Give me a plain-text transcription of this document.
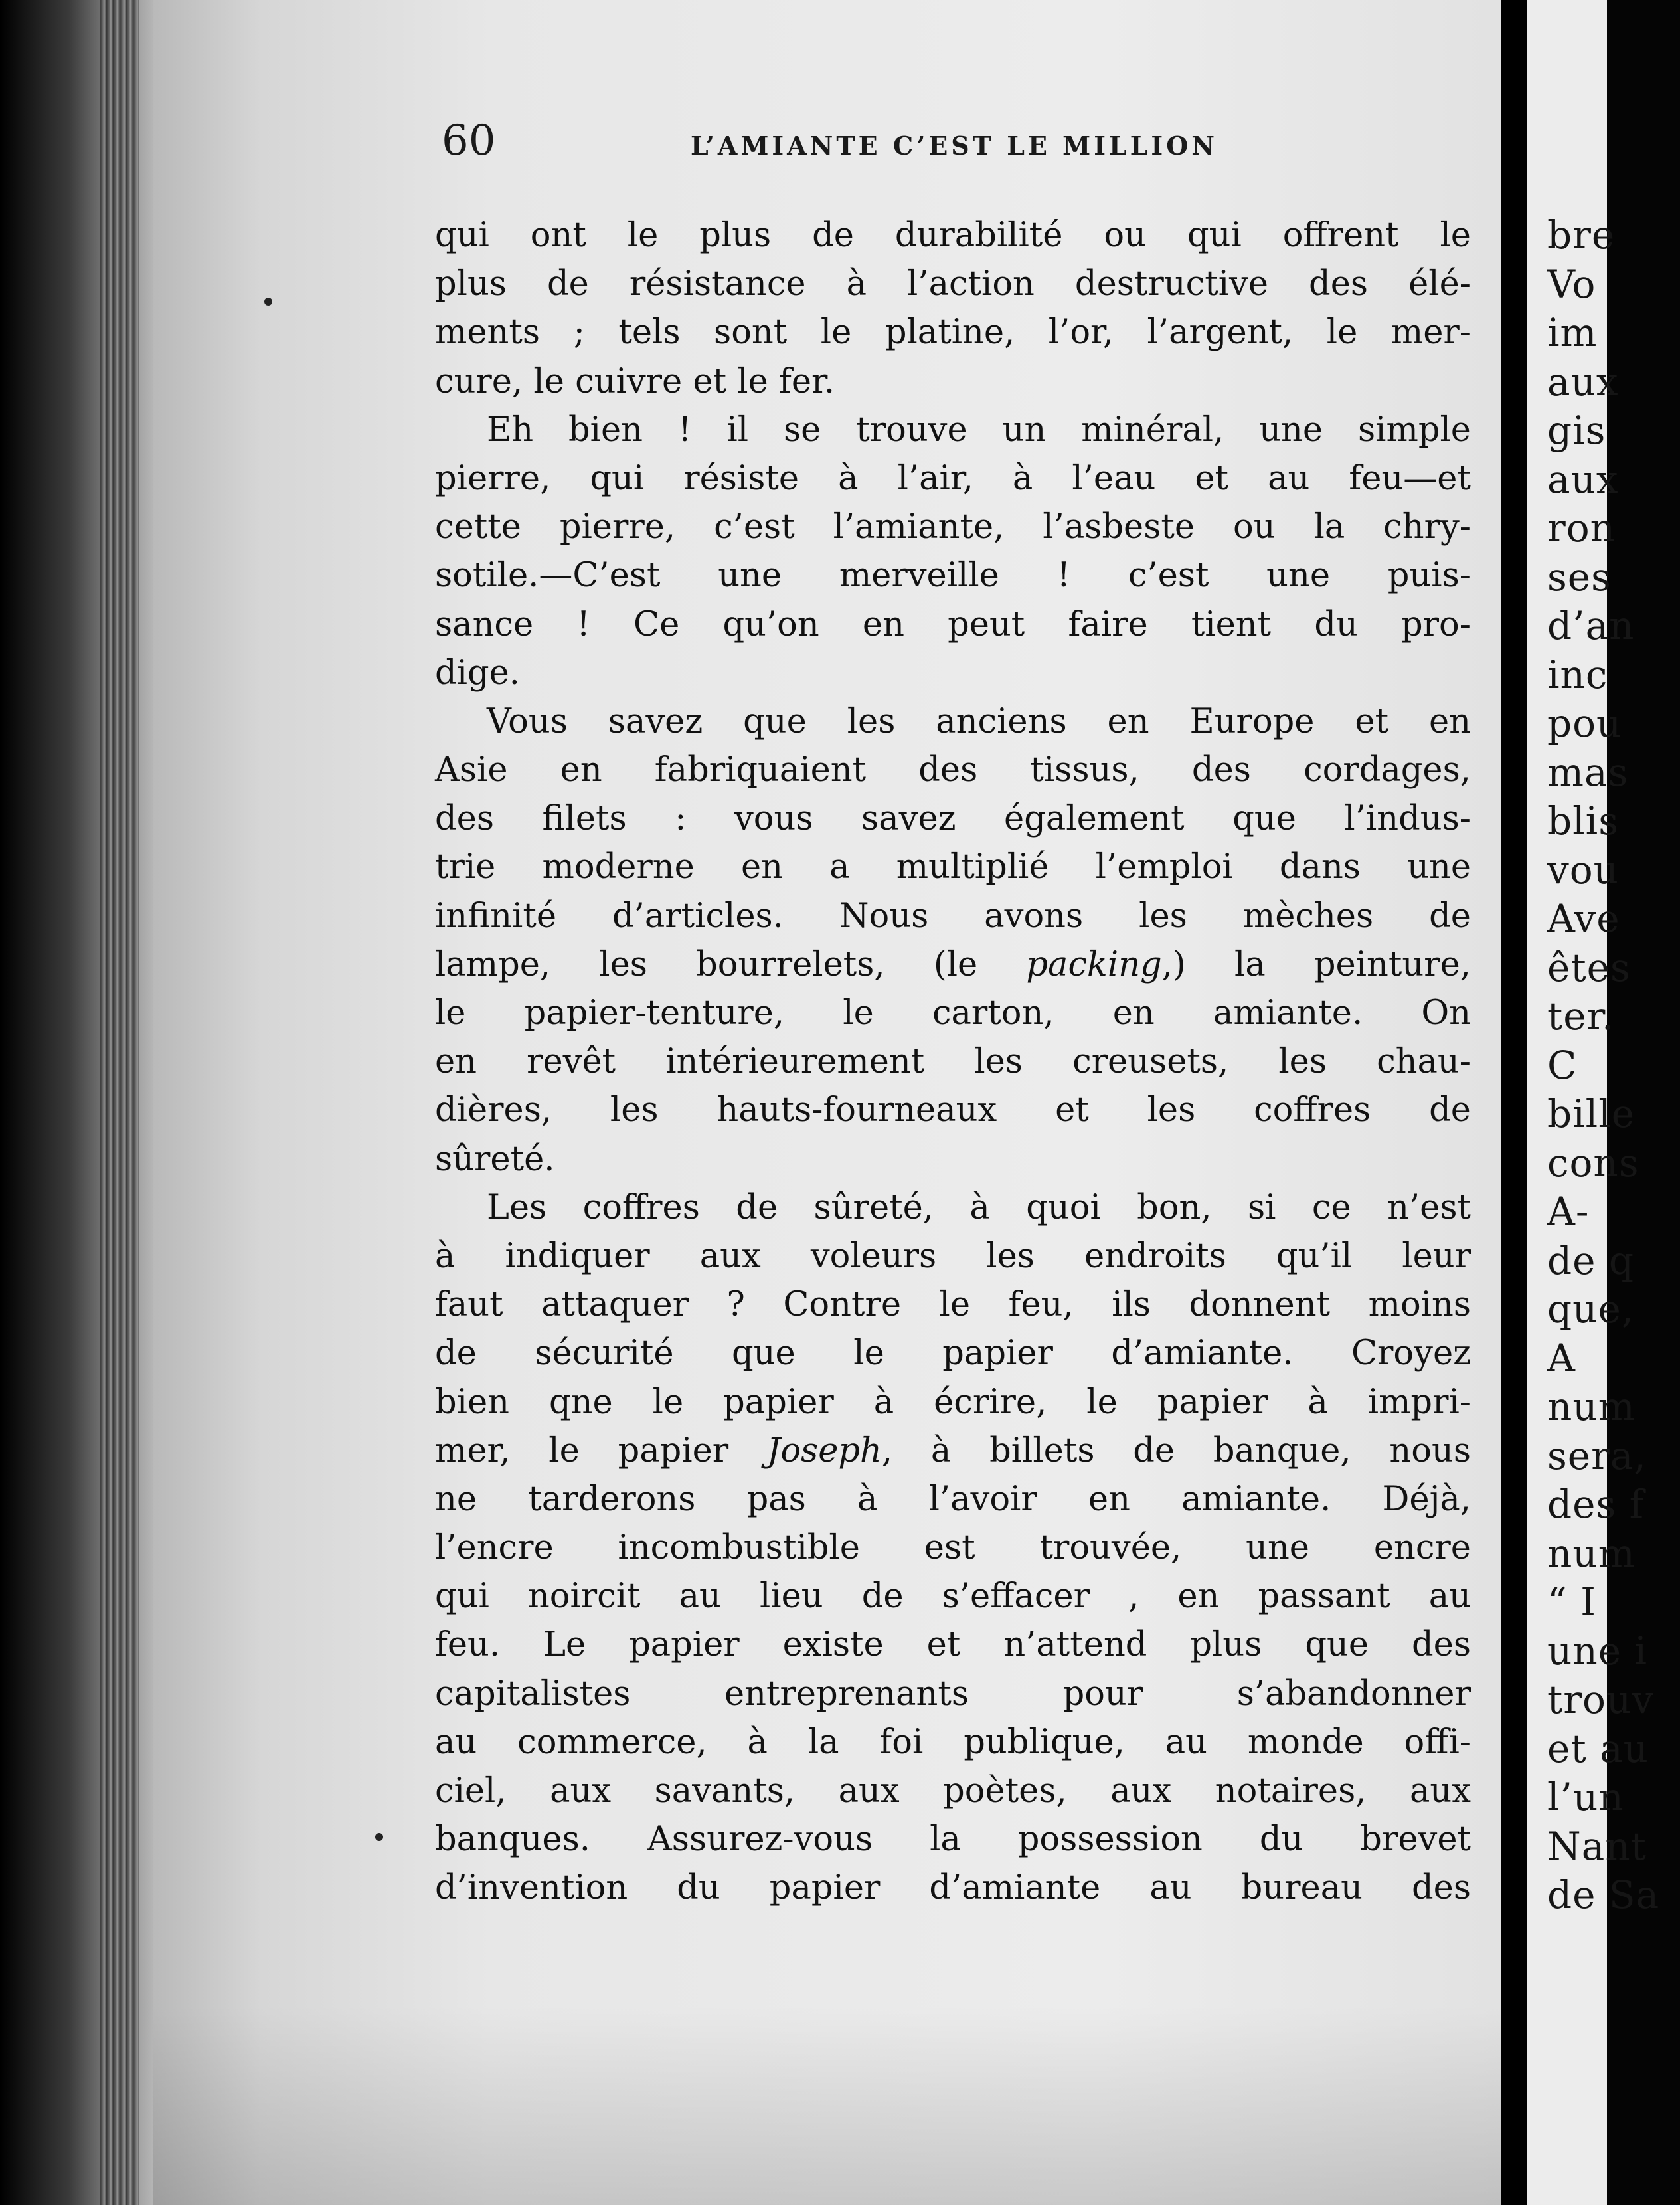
60	L’AMIANTE C’EST LE MILLION
qui ont le plus de durabilité ou qui offrent le
plus de résistance à l’action destructive des élé-
ments ; tels sont le platine, l’or, l’argent, le mer-
cure, le cuivre et le fer.
Eh bien ! il se trouve un minéral, une simple
pierre, qui résiste à l’air, à l’eau et au feu—et
cette pierre, c’est l’amiante, l’asbeste ou la chry-
sotile.—C’est une merveille ! c’est une puis-
sance ! Ce qu’on en peut faire tient du pro-
dige.
Vous savez que les anciens en Europe et en
Asie en fabriquaient des tissus, des cordages,
des filets : vous savez également que l’indus-
trie moderne en a multiplié l’emploi dans une
infinité d’articles. Nous avons les mèches de
lampe, les bourrelets, (le packing,) la peinture,
le papier-tenture, le carton, en amiante. On
en revêt intérieurement les creusets, les chau-
dières, les hauts-fourneaux et les coffres de
sûreté.
Les coffres de sûreté, à quoi bon, si ce n’est
à indiquer aux voleurs les endroits qu’il leur
faut attaquer ? Contre le feu, ils donnent moins
de sécurité que le papier d’amiante. Croyez
bien qne le papier à écrire, le papier à impri-
mer, le papier Joseph, à billets de banque, nous
ne tarderons pas à l’avoir en amiante. Déjà,
l’encre incombustible est trouvée, une encre
qui noircit au lieu de s’effacer , en passant au
feu. Le papier existe et n’attend plus que des
capitalistes entreprenants pour s’abandonner
au commerce, à la foi publique, au monde offi-
ciel, aux savants, aux poètes, aux notaires, aux
banques. Assurez-vous la possession du brevet
d’invention du papier d’amiante au bureau des
bre
Vo
im
aux
gis
aux
ron
ses
d’an
inc
pou
mas
blis
vou
Ave
êtes
ter.
C
bille
cons
A-
de q
que,
A
num
sera,
des f
num
“ I
une i
trouv
et au
l’un
Nant
de Sa
